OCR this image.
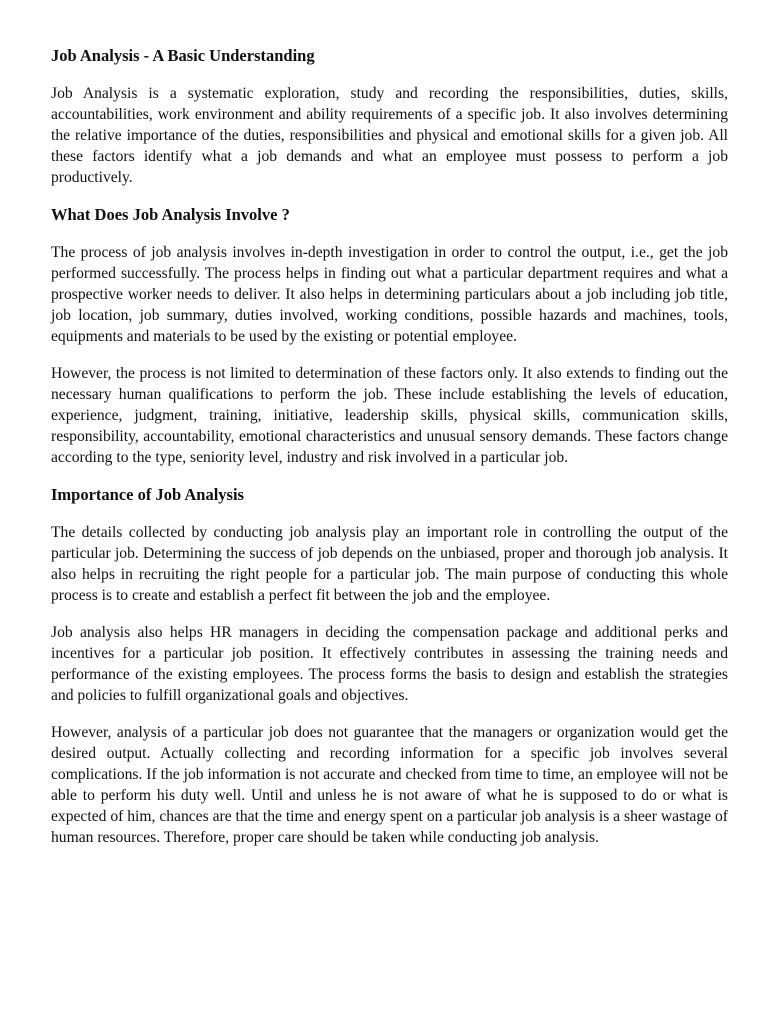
Job Analysis - A Basic Understanding

Job Analysis is a systematic exploration, study and recording the responsibilities, duties, skills, accountabilities, work environment and ability requirements of a specific job. It also involves determining the relative importance of the duties, responsibilities and physical and emotional skills for a given job. All these factors identify what a job demands and what an employee must possess to perform a job productively.

What Does Job Analysis Involve ?

The process of job analysis involves in-depth investigation in order to control the output, i.e., get the job performed successfully. The process helps in finding out what a particular department requires and what a prospective worker needs to deliver. It also helps in determining particulars about a job including job title, job location, job summary, duties involved, working conditions, possible hazards and machines, tools, equipments and materials to be used by the existing or potential employee.

However, the process is not limited to determination of these factors only. It also extends to finding out the necessary human qualifications to perform the job. These include establishing the levels of education, experience, judgment, training, initiative, leadership skills, physical skills, communication skills, responsibility, accountability, emotional characteristics and unusual sensory demands. These factors change according to the type, seniority level, industry and risk involved in a particular job.

Importance of Job Analysis

The details collected by conducting job analysis play an important role in controlling the output of the particular job. Determining the success of job depends on the unbiased, proper and thorough job analysis. It also helps in recruiting the right people for a particular job. The main purpose of conducting this whole process is to create and establish a perfect fit between the job and the employee.

Job analysis also helps HR managers in deciding the compensation package and additional perks and incentives for a particular job position. It effectively contributes in assessing the training needs and performance of the existing employees. The process forms the basis to design and establish the strategies and policies to fulfill organizational goals and objectives.

However, analysis of a particular job does not guarantee that the managers or organization would get the desired output. Actually collecting and recording information for a specific job involves several complications. If the job information is not accurate and checked from time to time, an employee will not be able to perform his duty well. Until and unless he is not aware of what he is supposed to do or what is expected of him, chances are that the time and energy spent on a particular job analysis is a sheer wastage of human resources. Therefore, proper care should be taken while conducting job analysis.
